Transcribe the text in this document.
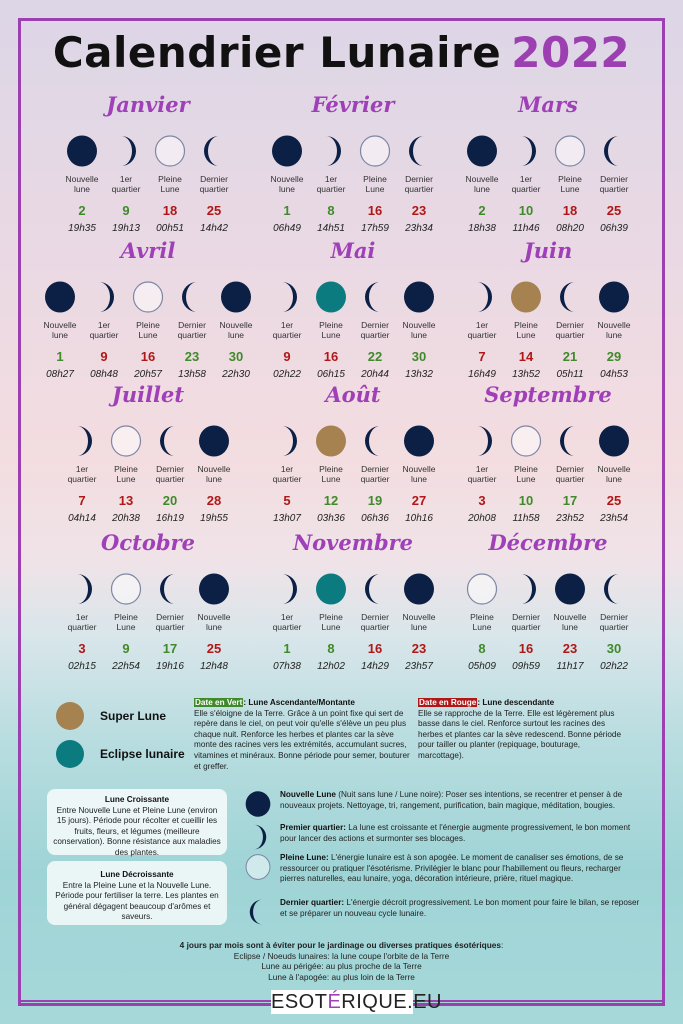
Calendrier Lunaire 2022
Janvier
Nouvelle
lune
2
19h35
1er
quartier
9
19h13
Pleine Lune
18
00h51
Dernier
quartier
25
14h42
Février
Nouvelle
lune
1
06h49
1er
quartier
8
14h51
Pleine Lune
16
17h59
Dernier
quartier
23
23h34
Mars
Nouvelle
lune
2
18h38
1er
quartier
10
11h46
Pleine Lune
18
08h20
Dernier
quartier
25
06h39
Avril
Nouvelle
lune
1
08h27
1er
quartier
9
08h48
Pleine
Lune
16
20h57
Dernier
quartier
23
13h58
Nouvelle
lune
30
22h30
Mai
1er
quartier
9
02h22
Pleine
Lune
16
06h15
Dernier
quartier
22
20h44
Nouvelle
lune
30
13h32
Juin
1er
quartier
7
16h49
Pleine
Lune
14
13h52
Dernier
quartier
21
05h11
Nouvelle
lune
29
04h53
Juillet
1er
quartier
7
04h14
Pleine
Lune
13
20h38
Dernier
quartier
20
16h19
Nouvelle
lune
28
19h55
Août
1er
quartier
5
13h07
Pleine
Lune
12
03h36
Dernier
quartier
19
06h36
Nouvelle
lune
27
10h16
Septembre
1er
quartier
3
20h08
Pleine
Lune
10
11h58
Dernier
quartier
17
23h52
Nouvelle
lune
25
23h54
Octobre
1er
quartier
3
02h15
Pleine
Lune
9
22h54
Dernier
quartier
17
19h16
Nouvelle
lune
25
12h48
Novembre
1er
quartier
1
07h38
Pleine
Lune
8
12h02
Dernier
quartier
16
14h29
Nouvelle
lune
23
23h57
Décembre
Pleine
Lune
8
05h09
Dernier
quartier
16
09h59
Nouvelle
lune
23
11h17
Dernier
quartier
30
02h22
Super Lune
Eclipse lunaire
Date en Vert: Lune Ascendante/Montante
Elle s'éloigne de la Terre. Grâce à un point fixe qui sert de repère dans le ciel, on peut voir qu'elle s'élève un peu plus chaque nuit. Renforce les herbes et plantes car la sève monte des racines vers les extrémités, accumulant sucres, vitamines et minéraux. Bonne période pour semer, bouturer et greffer.
Date en Rouge: Lune descendante
Elle se rapproche de la Terre. Elle est légèrement plus basse dans le ciel. Renforce surtout les racines des herbes et plantes car la sève redescend. Bonne période pour tailler ou planter (repiquage, bouturage, marcottage).
Lune Croissante
Entre Nouvelle Lune et Pleine Lune (environ 15 jours). Période pour récolter et cueillir les fruits, fleurs, et légumes (meilleure conservation). Bonne résistance aux maladies des plantes.
Lune Décroissante
Entre la Pleine Lune et la Nouvelle Lune. Période pour fertiliser la terre. Les plantes en général dégagent beaucoup d'arômes et saveurs.
Nouvelle Lune (Nuit sans lune / Lune noire): Poser ses intentions, se recentrer et penser à de nouveaux projets. Nettoyage, tri, rangement, purification, bain magique, méditation, bougies.
Premier quartier: La lune est croissante et l'énergie augmente progressivement, le bon moment pour lancer des actions et surmonter ses blocages.
Pleine Lune: L'énergie lunaire est à son apogée. Le moment de canaliser ses émotions, de se ressourcer ou pratiquer l'ésotérisme. Privilégier le blanc pour l'habillement ou fleurs, recharger pierres naturelles, eau lunaire, yoga, décoration intérieure, prière, rituel magique.
Dernier quartier: L'énergie décroit progressivement. Le bon moment pour faire le bilan, se reposer et se préparer un nouveau cycle lunaire.
4 jours par mois sont à éviter pour le jardinage ou diverses pratiques ésotériques:
Eclipse / Noeuds lunaires: la lune coupe l'orbite de la Terre
Lune au périgée: au plus proche de la Terre
Lune à l'apogée: au plus loin de la Terre
ESOTÉRIQUE.EU
